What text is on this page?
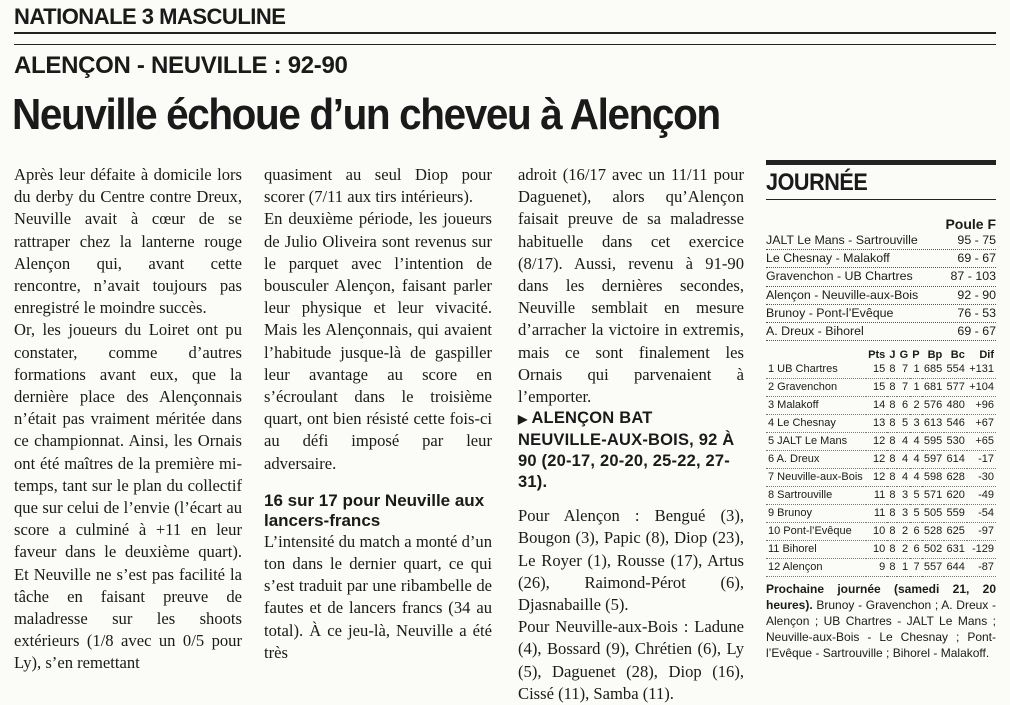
NATIONALE 3 MASCULINE
ALENÇON - NEUVILLE : 92-90
Neuville échoue d’un cheveu à Alençon

Après leur défaite à domicile lors du derby du Centre contre Dreux, Neuville avait à cœur de se rattraper chez la lanterne rouge Alençon qui, avant cette rencontre, n’avait toujours pas enregistré le moindre succès.

Or, les joueurs du Loiret ont pu constater, comme d’autres formations avant eux, que la dernière place des Alençonnais n’était pas vraiment méritée dans ce championnat. Ainsi, les Ornais ont été maîtres de la première mi-temps, tant sur le plan du collectif que sur celui de l’envie (l’écart au score a culminé à +11 en leur faveur dans le deuxième quart). Et Neuville ne s’est pas facilité la tâche en faisant preuve de maladresse sur les shoots extérieurs (1/8 avec un 0/5 pour Ly), s’en remettant

quasiment au seul Diop pour scorer (7/11 aux tirs intérieurs).

En deuxième période, les joueurs de Julio Oliveira sont revenus sur le parquet avec l’intention de bousculer Alençon, faisant parler leur physique et leur vivacité. Mais les Alençonnais, qui avaient l’habitude jusque-là de gaspiller leur avantage au score en s’écroulant dans le troisième quart, ont bien résisté cette fois-ci au défi imposé par leur adversaire.

16 sur 17 pour Neuville aux lancers-francs

L’intensité du match a monté d’un ton dans le dernier quart, ce qui s’est traduit par une ribambelle de fautes et de lancers francs (34 au total). À ce jeu-là, Neuville a été très

adroit (16/17 avec un 11/11 pour Daguenet), alors qu’Alençon faisait preuve de sa maladresse habituelle dans cet exercice (8/17). Aussi, revenu à 91-90 dans les dernières secondes, Neuville semblait en mesure d’arracher la victoire in extremis, mais ce sont finalement les Ornais qui parvenaient à l’emporter.

▶ ALENÇON BAT NEUVILLE-AUX-BOIS, 92 À 90 (20-17, 20-20, 25-22, 27-31).

Pour Alençon : Bengué (3), Bougon (3), Papic (8), Diop (23), Le Royer (1), Rousse (17), Artus (26), Raimond-Pérot (6), Djasnabaille (5).

Pour Neuville-aux-Bois : Ladune (4), Bossard (9), Chrétien (6), Ly (5), Daguenet (28), Diop (16), Cissé (11), Samba (11).

JOURNÉE
Poule F
JALT Le Mans - Sartrouville	95 - 75
Le Chesnay - Malakoff	69 - 67
Gravenchon - UB Chartres	87 - 103
Alençon - Neuville-aux-Bois	92 - 90
Brunoy - Pont-l’Evêque	76 - 53
A. Dreux - Bihorel	69 - 67
	Pts	J	G	P	Bp	Bc	Dif
1 UB Chartres	15	8	7	1	685	554	+131
2 Gravenchon	15	8	7	1	681	577	+104
3 Malakoff	14	8	6	2	576	480	+96
4 Le Chesnay	13	8	5	3	613	546	+67
5 JALT Le Mans	12	8	4	4	595	530	+65
6 A. Dreux	12	8	4	4	597	614	-17
7 Neuville-aux-Bois	12	8	4	4	598	628	-30
8 Sartrouville	11	8	3	5	571	620	-49
9 Brunoy	11	8	3	5	505	559	-54
10 Pont-l’Evêque	10	8	2	6	528	625	-97
11 Bihorel	10	8	2	6	502	631	-129
12 Alençon	9	8	1	7	557	644	-87
Prochaine journée (samedi 21, 20 heures). Brunoy - Gravenchon ; A. Dreux - Alençon ; UB Chartres - JALT Le Mans ; Neuville-aux-Bois - Le Chesnay ; Pont-l’Evêque - Sartrouville ; Bihorel - Malakoff.
